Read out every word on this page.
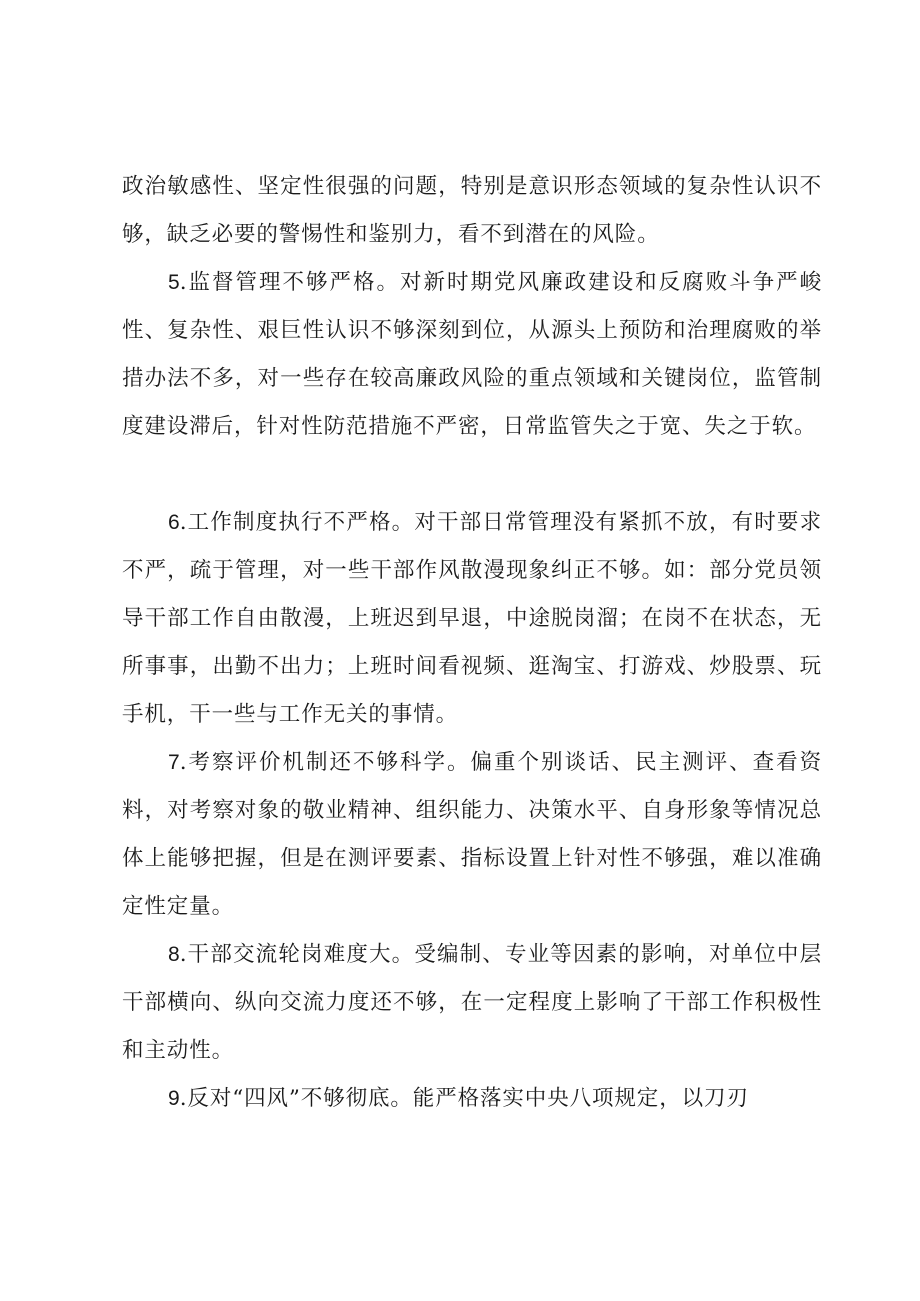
政治敏感性、坚定性很强的问题，特别是意识形态领域的复杂性认识不够，缺乏必要的警惕性和鉴别力，看不到潜在的风险。

5.监督管理不够严格。对新时期党风廉政建设和反腐败斗争严峻性、复杂性、艰巨性认识不够深刻到位，从源头上预防和治理腐败的举措办法不多，对一些存在较高廉政风险的重点领域和关键岗位，监管制度建设滞后，针对性防范措施不严密，日常监管失之于宽、失之于软。

6.工作制度执行不严格。对干部日常管理没有紧抓不放，有时要求不严，疏于管理，对一些干部作风散漫现象纠正不够。如：部分党员领导干部工作自由散漫，上班迟到早退，中途脱岗溜；在岗不在状态，无所事事，出勤不出力；上班时间看视频、逛淘宝、打游戏、炒股票、玩手机，干一些与工作无关的事情。

7.考察评价机制还不够科学。偏重个别谈话、民主测评、查看资料，对考察对象的敬业精神、组织能力、决策水平、自身形象等情况总体上能够把握，但是在测评要素、指标设置上针对性不够强，难以准确定性定量。

8.干部交流轮岗难度大。受编制、专业等因素的影响，对单位中层干部横向、纵向交流力度还不够，在一定程度上影响了干部工作积极性和主动性。

9.反对“四风”不够彻底。能严格落实中央八项规定，以刀刃
